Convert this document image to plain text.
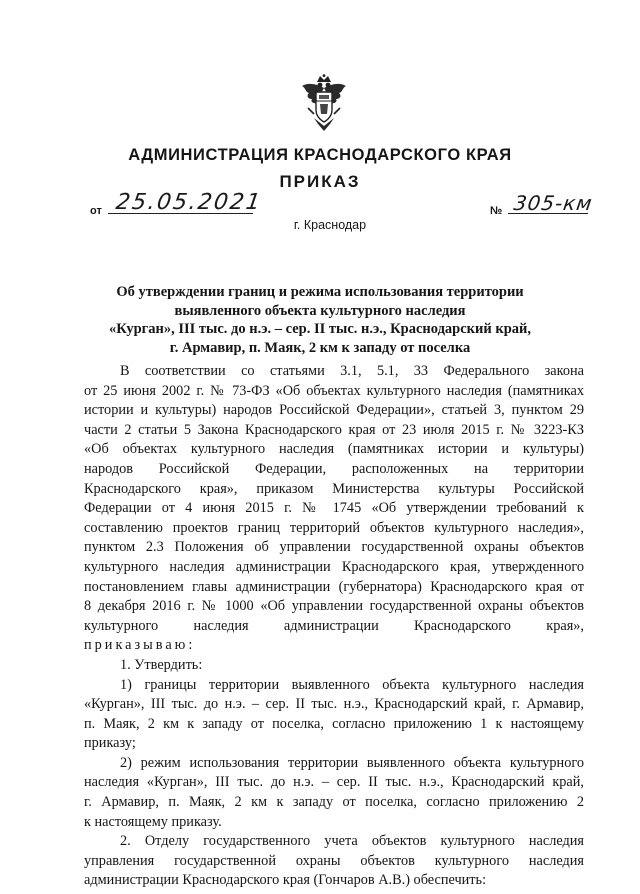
АДМИНИСТРАЦИЯ КРАСНОДАРСКОГО КРАЯ
ПРИКАЗ
от 25.05.2021	№ 305-км
г. Краснодар
Об утверждении границ и режима использования территории
выявленного объекта культурного наследия
«Курган», III тыс. до н.э. – сер. II тыс. н.э., Краснодарский край,
г. Армавир, п. Маяк, 2 км к западу от поселка
В соответствии со статьями 3.1, 5.1, 33 Федерального закона
от 25 июня 2002 г. № 73-ФЗ «Об объектах культурного наследия (памятниках
истории и культуры) народов Российской Федерации», статьей 3, пунктом 29
части 2 статьи 5 Закона Краснодарского края от 23 июля 2015 г. № 3223-КЗ
«Об объектах культурного наследия (памятниках истории и культуры)
народов Российской Федерации, расположенных на территории
Краснодарского края», приказом Министерства культуры Российской
Федерации от 4 июня 2015 г. № 1745 «Об утверждении требований к
составлению проектов границ территорий объектов культурного наследия»,
пунктом 2.3 Положения об управлении государственной охраны объектов
культурного наследия администрации Краснодарского края, утвержденного
постановлением главы администрации (губернатора) Краснодарского края от
8 декабря 2016 г. № 1000 «Об управлении государственной охраны объектов
культурного наследия администрации Краснодарского края»,
приказываю:
1. Утвердить:
1) границы территории выявленного объекта культурного наследия
«Курган», III тыс. до н.э. – сер. II тыс. н.э., Краснодарский край, г. Армавир,
п. Маяк, 2 км к западу от поселка, согласно приложению 1 к настоящему
приказу;
2) режим использования территории выявленного объекта культурного
наследия «Курган», III тыс. до н.э. – сер. II тыс. н.э., Краснодарский край,
г. Армавир, п. Маяк, 2 км к западу от поселка, согласно приложению 2
к настоящему приказу.
2. Отделу государственного учета объектов культурного наследия
управления государственной охраны объектов культурного наследия
администрации Краснодарского края (Гончаров А.В.) обеспечить:
